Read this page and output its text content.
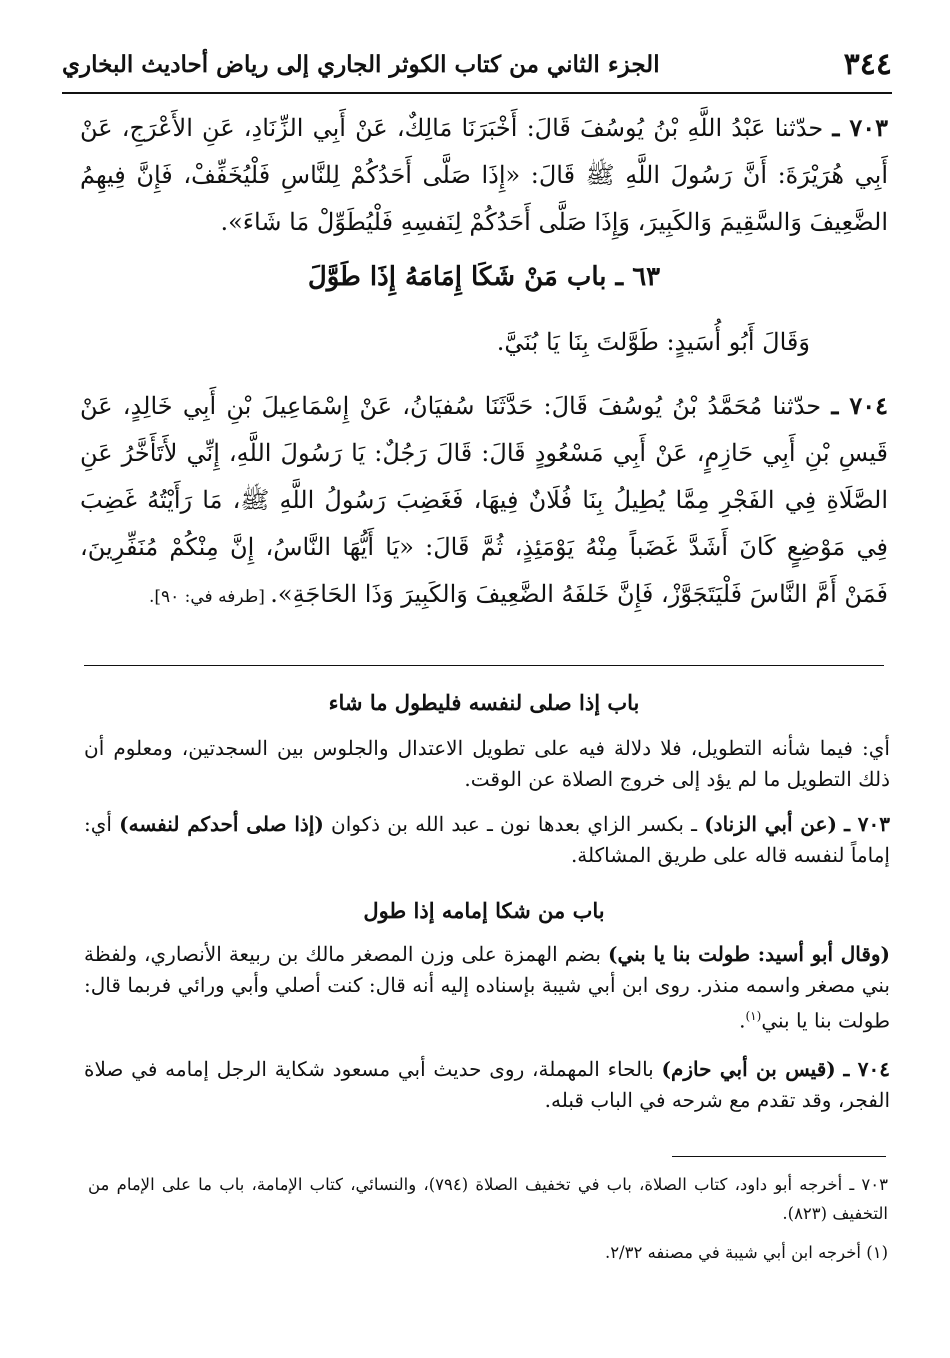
الجزء الثاني من كتاب الكوثر الجاري إلى رياض أحاديث البخاري	٣٤٤
٧٠٣ ـ حدّثنا عَبْدُ اللَّهِ بْنُ يُوسُفَ قَالَ: أَخْبَرَنَا مَالِكٌ، عَنْ أَبِي الزِّنَادِ، عَنِ الأَعْرَجِ، عَنْ أَبِي هُرَيْرَةَ: أَنَّ رَسُولَ اللَّهِ ﷺ قَالَ: «إِذَا صَلَّى أَحَدُكُمْ لِلنَّاسِ فَلْيُخَفِّفْ، فَإِنَّ فِيهِمُ الضَّعِيفَ وَالسَّقِيمَ وَالكَبِيرَ، وَإِذَا صَلَّى أَحَدُكُمْ لِنَفسِهِ فَلْيُطَوِّلْ مَا شَاءَ».
٦٣ ـ باب مَنْ شَكَا إِمَامَهُ إِذَا طَوَّلَ
وَقَالَ أَبُو أُسَيدٍ: طَوَّلتَ بِنَا يَا بُنَيَّ.
٧٠٤ ـ حدّثنا مُحَمَّدُ بْنُ يُوسُفَ قَالَ: حَدَّثَنَا سُفيَانُ، عَنْ إِسْمَاعِيلَ بْنِ أَبِي خَالِدٍ، عَنْ قَيسِ بْنِ أَبِي حَازِمٍ، عَنْ أَبِي مَسْعُودٍ قَالَ: قَالَ رَجُلٌ: يَا رَسُولَ اللَّهِ، إِنِّي لأَتَأَخَّرُ عَنِ الصَّلَاةِ فِي الفَجْرِ مِمَّا يُطِيلُ بِنَا فُلَانٌ فِيهَا، فَغَضِبَ رَسُولُ اللَّهِ ﷺ، مَا رَأَيْتُهُ غَضِبَ فِي مَوْضِعٍ كَانَ أَشَدَّ غَضَباً مِنْهُ يَوْمَئِذٍ، ثُمَّ قَالَ: «يَا أَيُّهَا النَّاسُ، إِنَّ مِنْكُمْ مُنَفِّرِينَ، فَمَنْ أَمَّ النَّاسَ فَلْيَتَجَوَّزْ، فَإِنَّ خَلفَهُ الضَّعِيفَ وَالكَبِيرَ وَذَا الحَاجَةِ». [طرفه في: ٩٠].
باب إذا صلى لنفسه فليطول ما شاء
أي: فيما شأنه التطويل، فلا دلالة فيه على تطويل الاعتدال والجلوس بين السجدتين، ومعلوم أن ذلك التطويل ما لم يؤد إلى خروج الصلاة عن الوقت.
٧٠٣ ـ (عن أبي الزناد) ـ بكسر الزاي بعدها نون ـ عبد الله بن ذكوان (إذا صلى أحدكم لنفسه) أي: إماماً لنفسه قاله على طريق المشاكلة.
باب من شكا إمامه إذا طول
(وقال أبو أسيد: طولت بنا يا بني) بضم الهمزة على وزن المصغر مالك بن ربيعة الأنصاري، ولفظة بني مصغر واسمه منذر. روى ابن أبي شيبة بإسناده إليه أنه قال: كنت أصلي وأبي ورائي فربما قال: طولت بنا يا بني$^{(١)}$.
٧٠٤ ـ (قيس بن أبي حازم) بالحاء المهملة، روى حديث أبي مسعود شكاية الرجل إمامه في صلاة الفجر، وقد تقدم مع شرحه في الباب قبله.
٧٠٣ ـ أخرجه أبو داود، كتاب الصلاة، باب في تخفيف الصلاة (٧٩٤)، والنسائي، كتاب الإمامة، باب ما على الإمام من التخفيف (٨٢٣).
(١) أخرجه ابن أبي شيبة في مصنفه ٢/٣٢.
